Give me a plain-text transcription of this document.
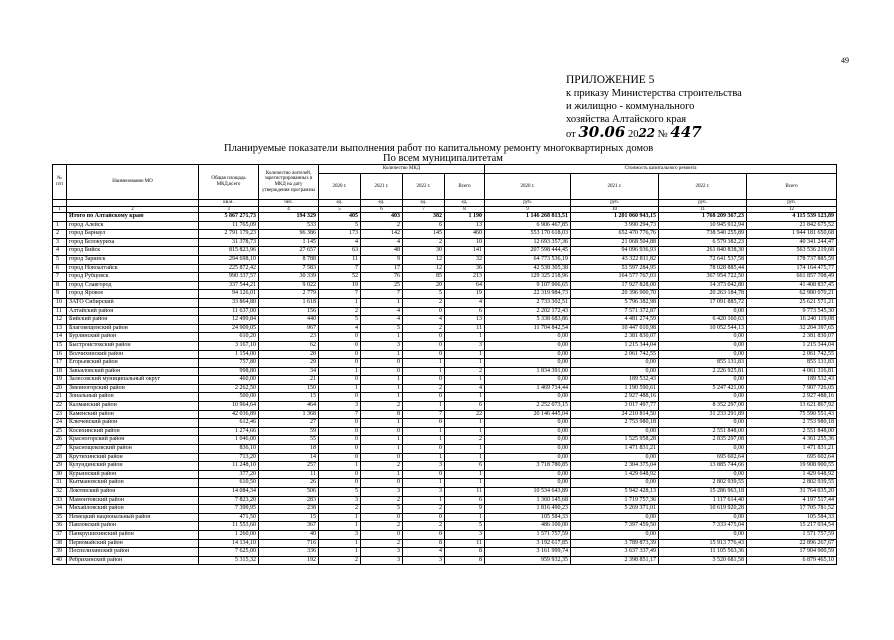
49
ПРИЛОЖЕНИЕ 5
к приказу Министерства строительства
и жилищно - коммунального
хозяйства Алтайского края
от 30.06 2022 № 447
Планируемые показатели выполнения работ по капитальному ремонту многоквартирных домов
По всем муниципалитетам
№ п/п	Наименование МО	Общая площадь МКД,всего	Количество жителей, зарегистрированных в МКД на дату утверждения программы	Количество МКД				Стоимость капитального ремонта			
				2020 г.	2021 г.	2022 г.	Всего	2020 г.	2021 г.	2022 г.	Всего
		кв.м.	чел.	ед.	ед.	ед.	ед.	руб.	руб.	руб.	руб.
1	2	3	4	5	6	7	8	9	10	11	12
	Итого по Алтайскому краю	5 867 271,73	194 329	405	403	382	1 190	1 146 268 813,51	1 201 060 943,15	1 768 209 367,23	4 115 539 123,89
1	город Алейск	11 765,09	533	5	2	6	13	6 906 467,85	3 990 294,73	10 945 912,94	21 842 675,52
2	город Барнаул	2 791 179,23	96 386	173	142	145	460	553 170 618,03	652 470 776,76	738 540 255,89	1 944 181 650,68
3	город Белокуриха	31 378,73	1 145	4	4	2	10	12 693 357,36	21 068 504,88	6 579 382,23	40 341 244,47
4	город Бийск	815 823,96	27 657	63	48	30	141	207 598 444,45	94 096 936,93	261 840 838,30	563 536 219,68
5	город Заринск	294 698,10	8 788	11	9	12	32	64 773 536,19	43 322 811,82	72 641 537,58	178 737 885,59
6	город Новоалтайск	225 872,42	7 583	7	17	12	36	42 538 305,38	53 597 284,95	78 028 885,44	174 164 475,77
7	город Рубцовск	990 337,57	30 339	52	76	85	213	129 325 218,96	164 577 767,03	367 954 722,50	661 857 708,49
8	город Славгород	337 544,21	9 022	19	25	20	64	9 107 966,65	17 927 828,00	14 373 042,80	41 408 837,45
9	город Яровое	94 126,01	2 779	7	7	5	19	22 319 984,73	20 396 900,70	20 263 184,78	62 980 070,21
10	ЗАТО Сибирский	33 864,80	1 618	1	1	2	4	2 733 302,51	5 796 382,98	17 091 885,72	25 621 571,21
11	Алтайский район	11 637,00	156	2	4	0	6	2 202 172,43	7 571 372,87	0,00	9 773 545,30
12	Бийский район	12 499,84	440	5	4	4	13	5 338 683,86	4 481 274,59	6 420 160,63	16 240 119,08
13	Благовещенский район	24 909,05	967	4	5	2	11	11 704 842,54	10 447 010,98	10 052 544,13	32 204 397,65
14	Бурлинский район	610,20	23	0	1	0	1	0,00	2 381 830,07	0,00	2 381 830,07
15	Быстроистокский район	3 167,10	62	0	3	0	3	0,00	1 215 344,04	0,00	1 215 344,04
16	Волчихинский район	1 154,00	28	0	1	0	1	0,00	2 061 742,55	0,00	2 061 742,55
17	Егорьевский район	757,80	29	0	0	1	1	0,00	0,00	855 131,83	855 131,83
18	Завьяловский район	998,80	34	1	0	1	2	1 834 391,00	0,00	2 226 925,81	4 061 316,81
19	Залесовский муниципальный округ	460,00	21	0	1	0	1	0,00	189 532,43	0,00	189 532,43
20	Змеиногорский район	2 262,50	150	1	1	2	4	1 469 714,44	1 190 590,61	5 247 421,00	7 907 726,05
21	Зональный район	500,00	15	0	1	0	1	0,00	2 927 488,16	0,00	2 927 488,16
22	Калманский район	10 964,64	464	3	2	1	6	2 252 073,15	3 017 497,77	8 352 297,00	13 621 867,92
23	Каменский район	42 036,89	1 368	7	8	7	22	20 146 445,04	24 210 814,50	31 233 291,89	75 590 551,43
24	Ключевский район	612,46	27	0	1	0	1	0,00	2 753 980,18	0,00	2 753 980,18
25	Косихинский район	1 274,66	59	0	0	1	1	0,00	0,00	2 551 848,00	2 551 848,00
26	Красногорский район	1 046,00	55	0	1	1	2	0,00	1 525 958,28	2 835 297,08	4 361 255,36
27	Краснощековский район	836,10	18	0	1	0	1	0,00	1 471 831,21	0,00	1 471 831,21
28	Крутихинский район	713,20	14	0	0	1	1	0,00	0,00	695 602,64	695 602,64
29	Кулундинский район	11 248,10	257	1	2	3	6	3 718 780,85	2 304 375,04	13 885 744,66	19 908 900,55
30	Курьинский район	377,20	11	0	1	0	1	0,00	1 429 648,92	0,00	1 429 648,92
31	Кытмановский район	610,50	26	0	0	1	1	0,00	0,00	2 802 939,55	2 802 939,55
32	Локтевский район	14 084,34	506	5	3	3	11	10 534 643,89	5 942 428,13	15 286 963,18	31 764 035,20
33	Мамонтовский район	7 823,20	283	3	2	1	6	1 360 145,68	1 719 757,36	1 117 614,40	4 197 517,44
34	Михайловский район	7 399,95	238	2	5	2	9	1 816 490,23	5 269 371,01	10 619 920,28	17 705 781,52
35	Немецкий национальный район	471,50	15	1	0	0	1	105 584,33	0,00	0,00	105 584,33
36	Павловский район	11 553,60	367	1	2	2	5	486 100,00	7 397 459,50	7 333 475,04	15 217 034,54
37	Панкрушихинский район	1 260,00	40	3	0	0	3	1 571 757,59	0,00	0,00	1 571 757,59
38	Первомайский район	14 134,10	716	1	2	8	11	3 192 617,85	3 789 873,39	15 913 776,43	22 896 267,67
39	Поспелихинский район	7 625,00	336	1	3	4	8	3 161 999,74	3 637 337,49	11 105 563,36	17 904 900,59
40	Ребрихинский район	5 315,32	192	2	3	3	8	959 932,35	2 398 851,17	3 520 681,58	6 879 465,10
